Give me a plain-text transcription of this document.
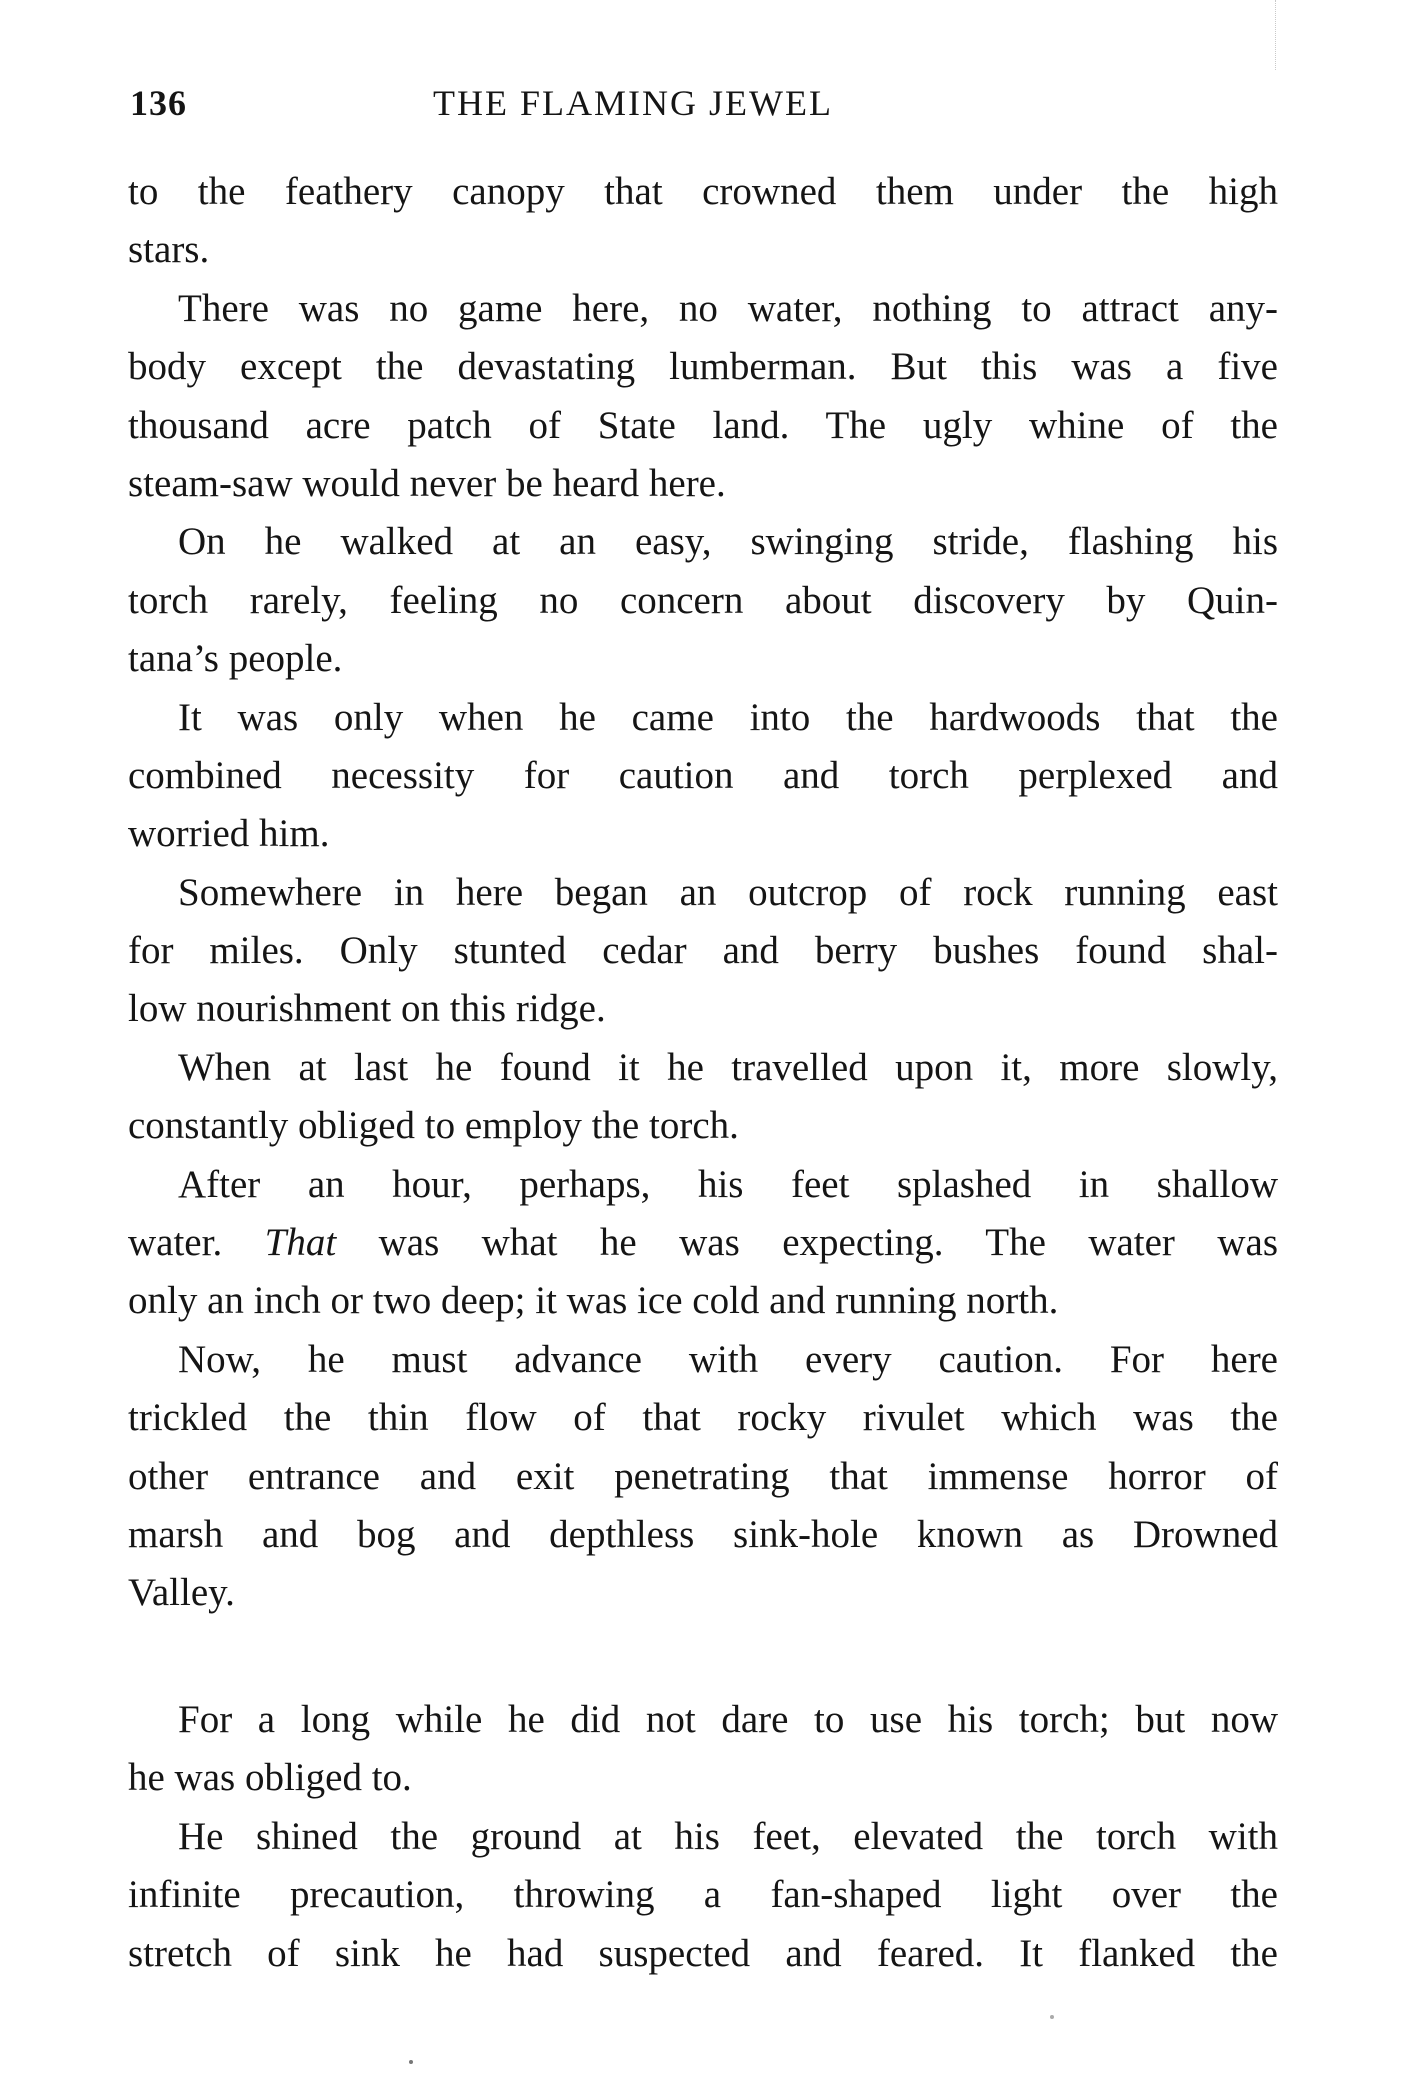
136	THE FLAMING JEWEL
to the feathery canopy that crowned them under the high
stars.
There was no game here, no water, nothing to attract any-
body except the devastating lumberman. But this was a five
thousand acre patch of State land. The ugly whine of the
steam-saw would never be heard here.
On he walked at an easy, swinging stride, flashing his
torch rarely, feeling no concern about discovery by Quin-
tana’s people.
It was only when he came into the hardwoods that the
combined necessity for caution and torch perplexed and
worried him.
Somewhere in here began an outcrop of rock running east
for miles. Only stunted cedar and berry bushes found shal-
low nourishment on this ridge.
When at last he found it he travelled upon it, more slowly,
constantly obliged to employ the torch.
After an hour, perhaps, his feet splashed in shallow
water. That was what he was expecting. The water was
only an inch or two deep; it was ice cold and running north.
Now, he must advance with every caution. For here
trickled the thin flow of that rocky rivulet which was the
other entrance and exit penetrating that immense horror of
marsh and bog and depthless sink-hole known as Drowned
Valley.
For a long while he did not dare to use his torch; but now
he was obliged to.
He shined the ground at his feet, elevated the torch with
infinite precaution, throwing a fan-shaped light over the
stretch of sink he had suspected and feared. It flanked the
